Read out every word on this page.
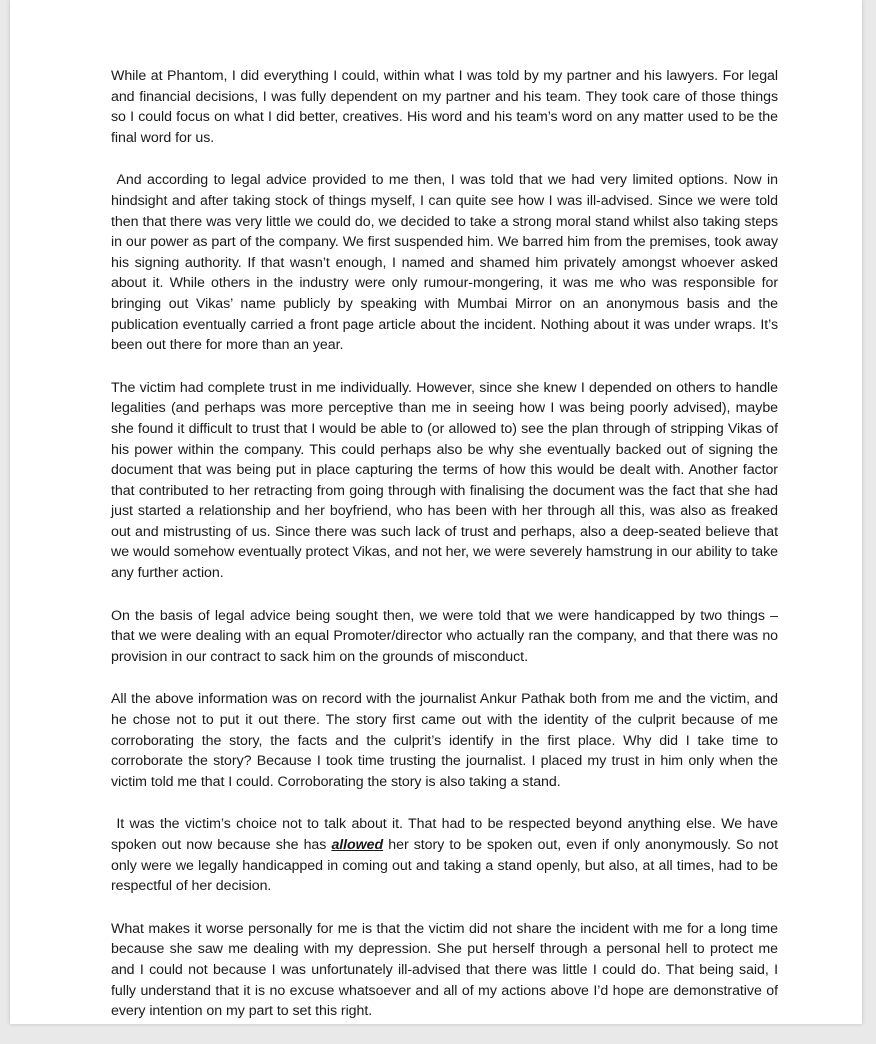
While at Phantom, I did everything I could, within what I was told by my partner and his lawyers. For legal and financial decisions, I was fully dependent on my partner and his team. They took care of those things so I could focus on what I did better, creatives. His word and his team’s word on any matter used to be the final word for us.

And according to legal advice provided to me then, I was told that we had very limited options. Now in hindsight and after taking stock of things myself, I can quite see how I was ill-advised. Since we were told then that there was very little we could do, we decided to take a strong moral stand whilst also taking steps in our power as part of the company. We first suspended him. We barred him from the premises, took away his signing authority. If that wasn’t enough, I named and shamed him privately amongst whoever asked about it. While others in the industry were only rumour-mongering, it was me who was responsible for bringing out Vikas’ name publicly by speaking with Mumbai Mirror on an anonymous basis and the publication eventually carried a front page article about the incident. Nothing about it was under wraps. It’s been out there for more than an year.

The victim had complete trust in me individually. However, since she knew I depended on others to handle legalities (and perhaps was more perceptive than me in seeing how I was being poorly advised), maybe she found it difficult to trust that I would be able to (or allowed to) see the plan through of stripping Vikas of his power within the company. This could perhaps also be why she eventually backed out of signing the document that was being put in place capturing the terms of how this would be dealt with. Another factor that contributed to her retracting from going through with finalising the document was the fact that she had just started a relationship and her boyfriend, who has been with her through all this, was also as freaked out and mistrusting of us. Since there was such lack of trust and perhaps, also a deep-seated believe that we would somehow eventually protect Vikas, and not her, we were severely hamstrung in our ability to take any further action.

On the basis of legal advice being sought then, we were told that we were handicapped by two things – that we were dealing with an equal Promoter/director who actually ran the company, and that there was no provision in our contract to sack him on the grounds of misconduct.

All the above information was on record with the journalist Ankur Pathak both from me and the victim, and he chose not to put it out there. The story first came out with the identity of the culprit because of me corroborating the story, the facts and the culprit’s identify in the first place. Why did I take time to corroborate the story? Because I took time trusting the journalist. I placed my trust in him only when the victim told me that I could. Corroborating the story is also taking a stand.

It was the victim’s choice not to talk about it. That had to be respected beyond anything else. We have spoken out now because she has allowed her story to be spoken out, even if only anonymously. So not only were we legally handicapped in coming out and taking a stand openly, but also, at all times, had to be respectful of her decision.

What makes it worse personally for me is that the victim did not share the incident with me for a long time because she saw me dealing with my depression. She put herself through a personal hell to protect me and I could not because I was unfortunately ill-advised that there was little I could do. That being said, I fully understand that it is no excuse whatsoever and all of my actions above I’d hope are demonstrative of every intention on my part to set this right.
